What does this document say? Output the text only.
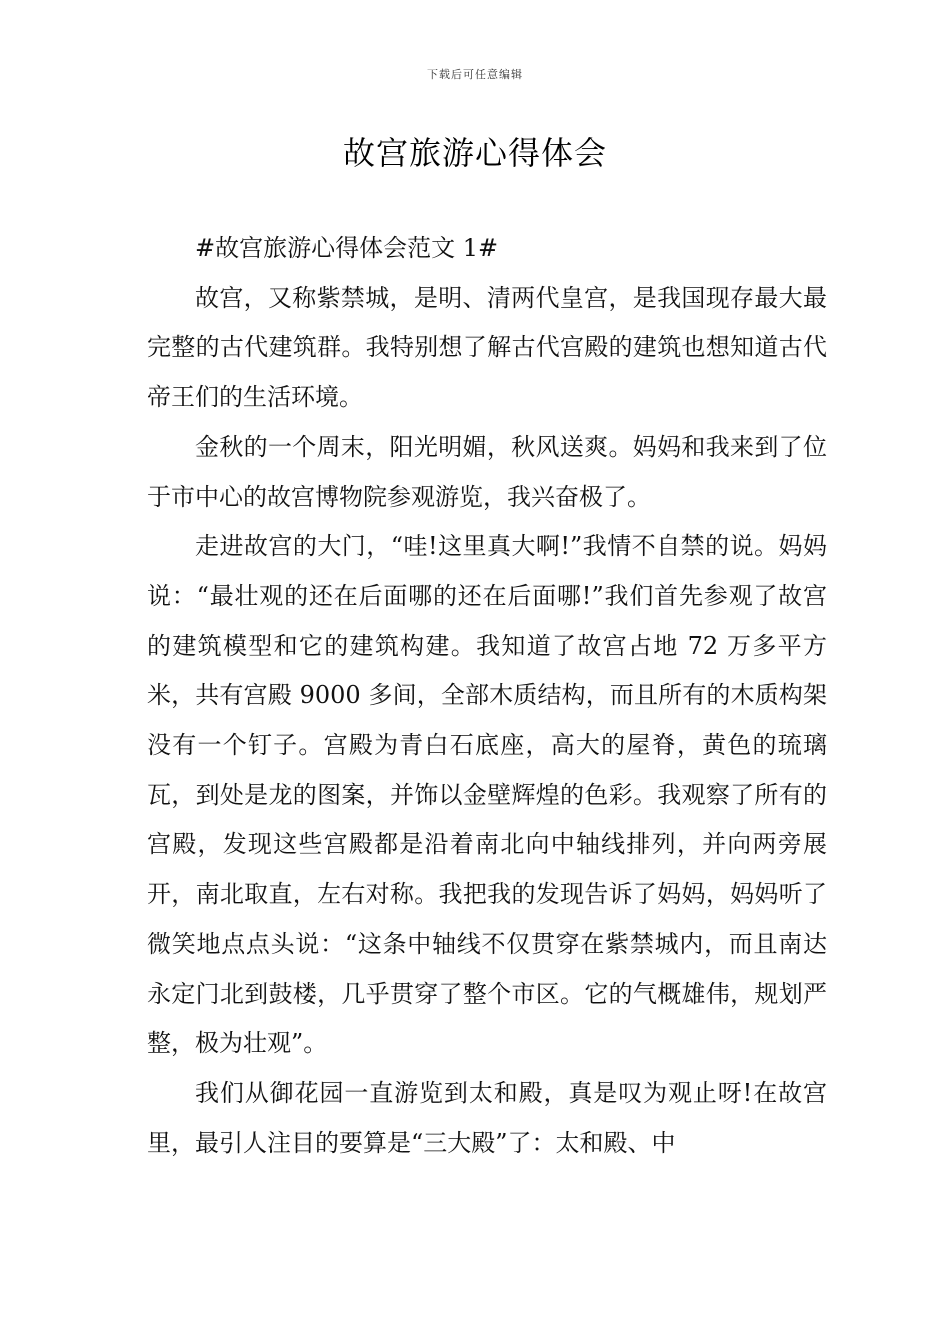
下载后可任意编辑
故宫旅游心得体会

#故宫旅游心得体会范文 1#

故宫，又称紫禁城，是明、清两代皇宫，是我国现存最大最完整的古代建筑群。我特别想了解古代宫殿的建筑也想知道古代帝王们的生活环境。

金秋的一个周末，阳光明媚，秋风送爽。妈妈和我来到了位于市中心的故宫博物院参观游览，我兴奋极了。

走进故宫的大门，“哇!这里真大啊!”我情不自禁的说。妈妈说：“最壮观的还在后面哪的还在后面哪!”我们首先参观了故宫的建筑模型和它的建筑构建。我知道了故宫占地 72 万多平方米，共有宫殿 9000 多间，全部木质结构，而且所有的木质构架没有一个钉子。宫殿为青白石底座，高大的屋脊，黄色的琉璃瓦，到处是龙的图案，并饰以金壁辉煌的色彩。我观察了所有的宫殿，发现这些宫殿都是沿着南北向中轴线排列，并向两旁展开，南北取直，左右对称。我把我的发现告诉了妈妈，妈妈听了微笑地点点头说：“这条中轴线不仅贯穿在紫禁城内，而且南达永定门北到鼓楼，几乎贯穿了整个市区。它的气概雄伟，规划严整，极为壮观”。

我们从御花园一直游览到太和殿，真是叹为观止呀!在故宫里，最引人注目的要算是“三大殿”了：太和殿、中
